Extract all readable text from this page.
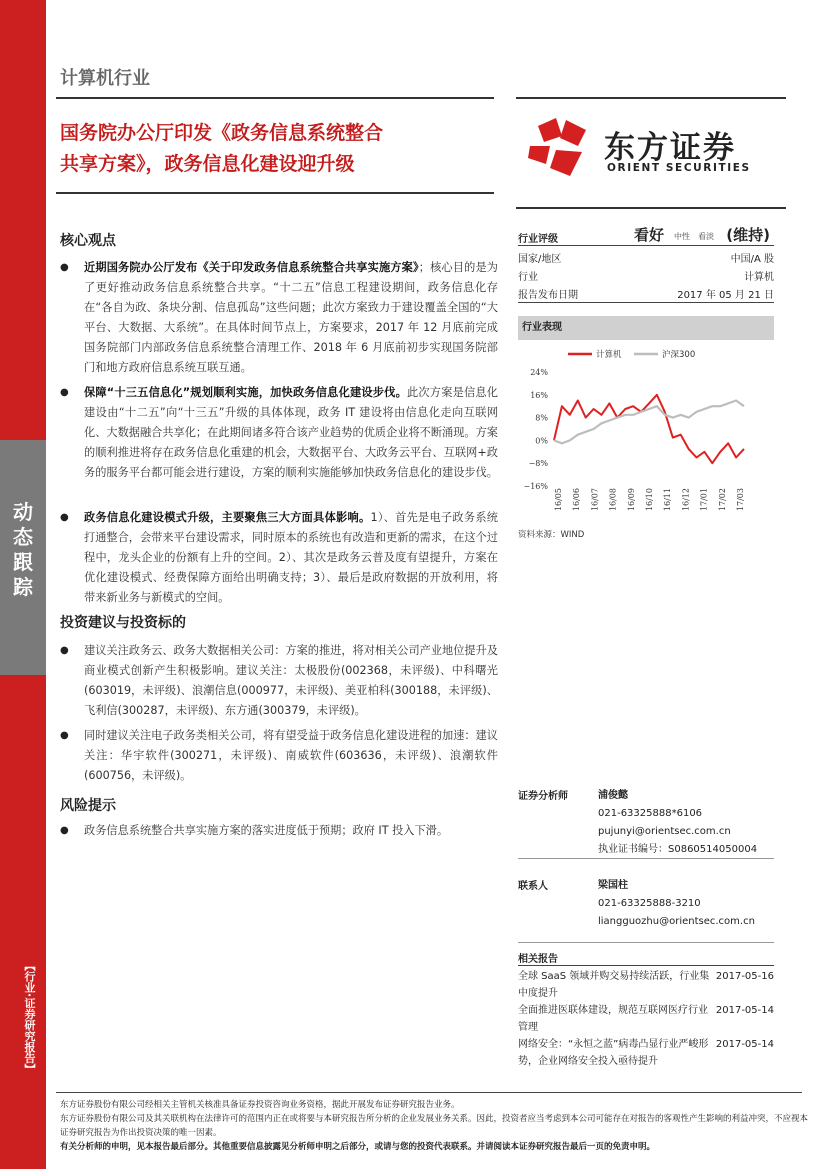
动
态
跟
踪
【行业·证券研究报告】
计算机行业
国务院办公厅印发《政务信息系统整合
共享方案》，政务信息化建设迎升级	东方证券
ORIENT SECURITIES
核心观点
● 近期国务院办公厅发布《关于印发政务信息系统整合共享实施方案》；核心目的是为了更好推动政务信息系统整合共享。“十二五”信息工程建设期间，政务信息化存在“各自为政、条块分割、信息孤岛”这些问题；此次方案致力于建设覆盖全国的“大平台、大数据、大系统”。在具体时间节点上，方案要求，2017 年 12 月底前完成国务院部门内部政务信息系统整合清理工作、2018 年 6 月底前初步实现国务院部门和地方政府信息系统互联互通。
● 保障“十三五信息化”规划顺利实施，加快政务信息化建设步伐。此次方案是信息化建设由“十二五”向“十三五”升级的具体体现，政务 IT 建设将由信息化走向互联网化、大数据融合共享化；在此期间诸多符合该产业趋势的优质企业将不断涌现。方案的顺利推进将存在政务信息化重建的机会，大数据平台、大政务云平台、互联网+政务的服务平台都可能会进行建设，方案的顺利实施能够加快政务信息化的建设步伐。
● 政务信息化建设模式升级，主要聚焦三大方面具体影响。1）、首先是电子政务系统打通整合，会带来平台建设需求，同时原本的系统也有改造和更新的需求，在这个过程中，龙头企业的份额有上升的空间。2）、其次是政务云普及度有望提升，方案在优化建设模式、经费保障方面给出明确支持；3）、最后是政府数据的开放利用，将带来新业务与新模式的空间。
投资建议与投资标的
● 建议关注政务云、政务大数据相关公司：方案的推进，将对相关公司产业地位提升及商业模式创新产生积极影响。建议关注：太极股份(002368，未评级)、中科曙光(603019，未评级)、浪潮信息(000977，未评级)、美亚柏科(300188，未评级)、飞利信(300287，未评级)、东方通(300379，未评级)。
● 同时建议关注电子政务类相关公司，将有望受益于政务信息化建设进程的加速：建议关注：华宇软件(300271，未评级)、南威软件(603636，未评级)、浪潮软件(600756，未评级)。
风险提示
● 政务信息系统整合共享实施方案的落实进度低于预期；政府 IT 投入下滑。
行业评级	看好 中性 看淡 (维持)
国家/地区	中国/A 股
行业	计算机
报告发布日期	2017 年 05 月 21 日
行业表现
计算机	沪深300
24%
16%
8%
0%
−8%
−16%
16/05 16/06 16/07 16/08 16/09 16/10 16/11 16/12 17/01 17/02 17/03
资料来源：WIND
证券分析师	浦俊懿
021-63325888*6106
pujunyi@orientsec.com.cn
执业证书编号：S0860514050004
联系人	梁国柱
021-63325888-3210
liangguozhu@orientsec.com.cn
相关报告
全球 SaaS 领域并购交易持续活跃，行业集中度提升
2017-05-16
全面推进医联体建设，规范互联网医疗行业管理
2017-05-14
网络安全：“永恒之蓝”病毒凸显行业严峻形势，企业网络安全投入亟待提升
2017-05-14
东方证券股份有限公司经相关主管机关核准具备证券投资咨询业务资格，据此开展发布证券研究报告业务。
东方证券股份有限公司及其关联机构在法律许可的范围内正在或将要与本研究报告所分析的企业发展业务关系。因此，投资者应当考虑到本公司可能存在对报告的客观性产生影响的利益冲突，不应视本证券研究报告为作出投资决策的唯一因素。
有关分析师的申明，见本报告最后部分。其他重要信息披露见分析师申明之后部分，或请与您的投资代表联系。并请阅读本证券研究报告最后一页的免责申明。
